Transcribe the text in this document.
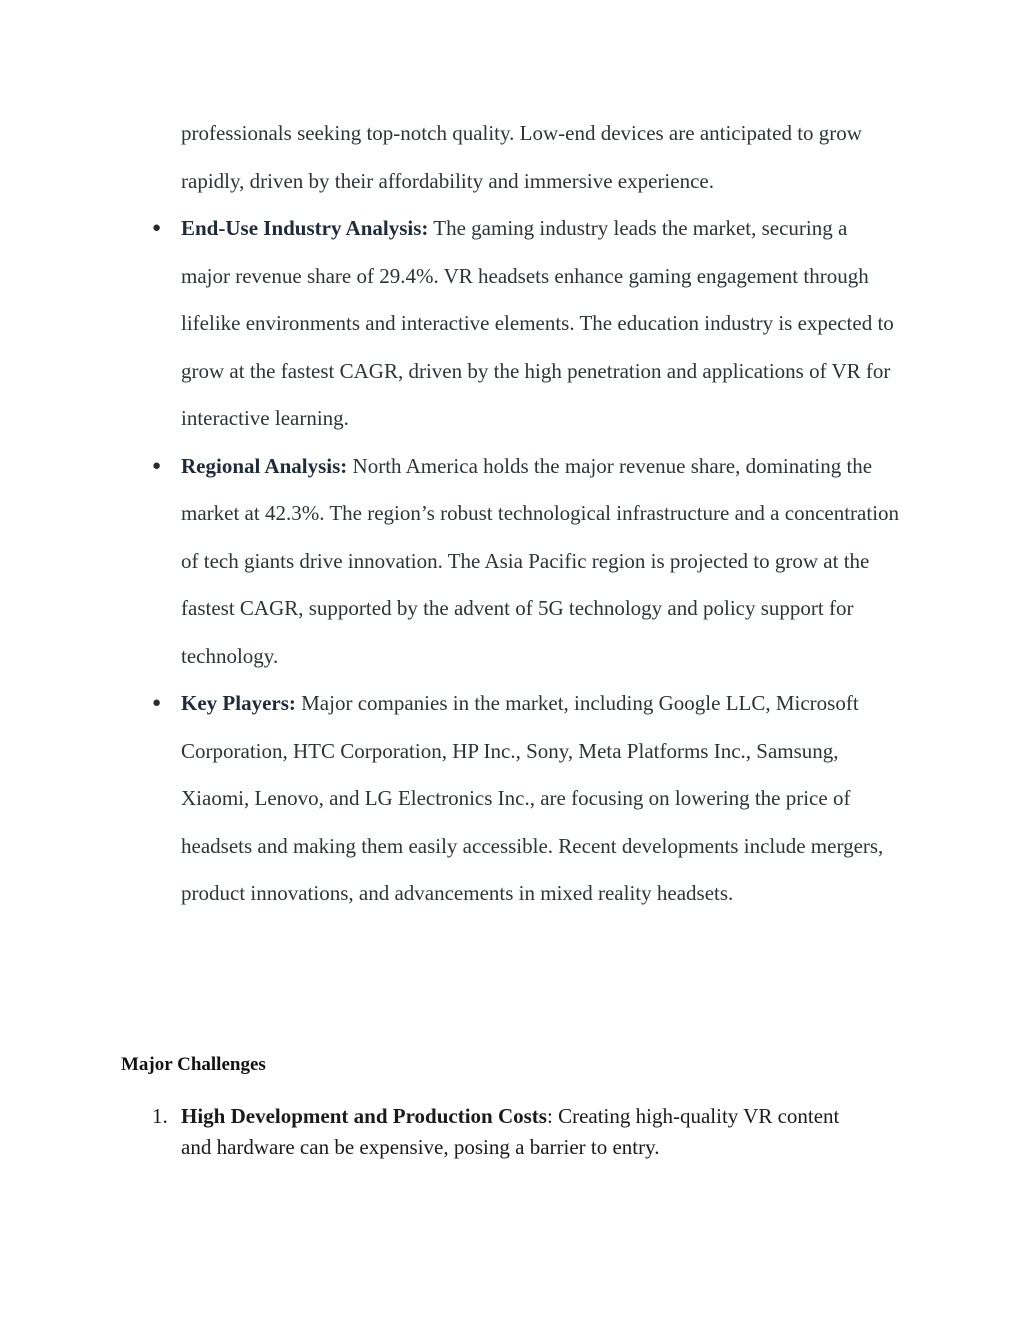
professionals seeking top-notch quality. Low-end devices are anticipated to grow rapidly, driven by their affordability and immersive experience.
● End-Use Industry Analysis: The gaming industry leads the market, securing a major revenue share of 29.4%. VR headsets enhance gaming engagement through lifelike environments and interactive elements. The education industry is expected to grow at the fastest CAGR, driven by the high penetration and applications of VR for interactive learning.
● Regional Analysis: North America holds the major revenue share, dominating the market at 42.3%. The region’s robust technological infrastructure and a concentration of tech giants drive innovation. The Asia Pacific region is projected to grow at the fastest CAGR, supported by the advent of 5G technology and policy support for technology.
● Key Players: Major companies in the market, including Google LLC, Microsoft Corporation, HTC Corporation, HP Inc., Sony, Meta Platforms Inc., Samsung, Xiaomi, Lenovo, and LG Electronics Inc., are focusing on lowering the price of headsets and making them easily accessible. Recent developments include mergers, product innovations, and advancements in mixed reality headsets.
Major Challenges
1. High Development and Production Costs: Creating high-quality VR content and hardware can be expensive, posing a barrier to entry.
